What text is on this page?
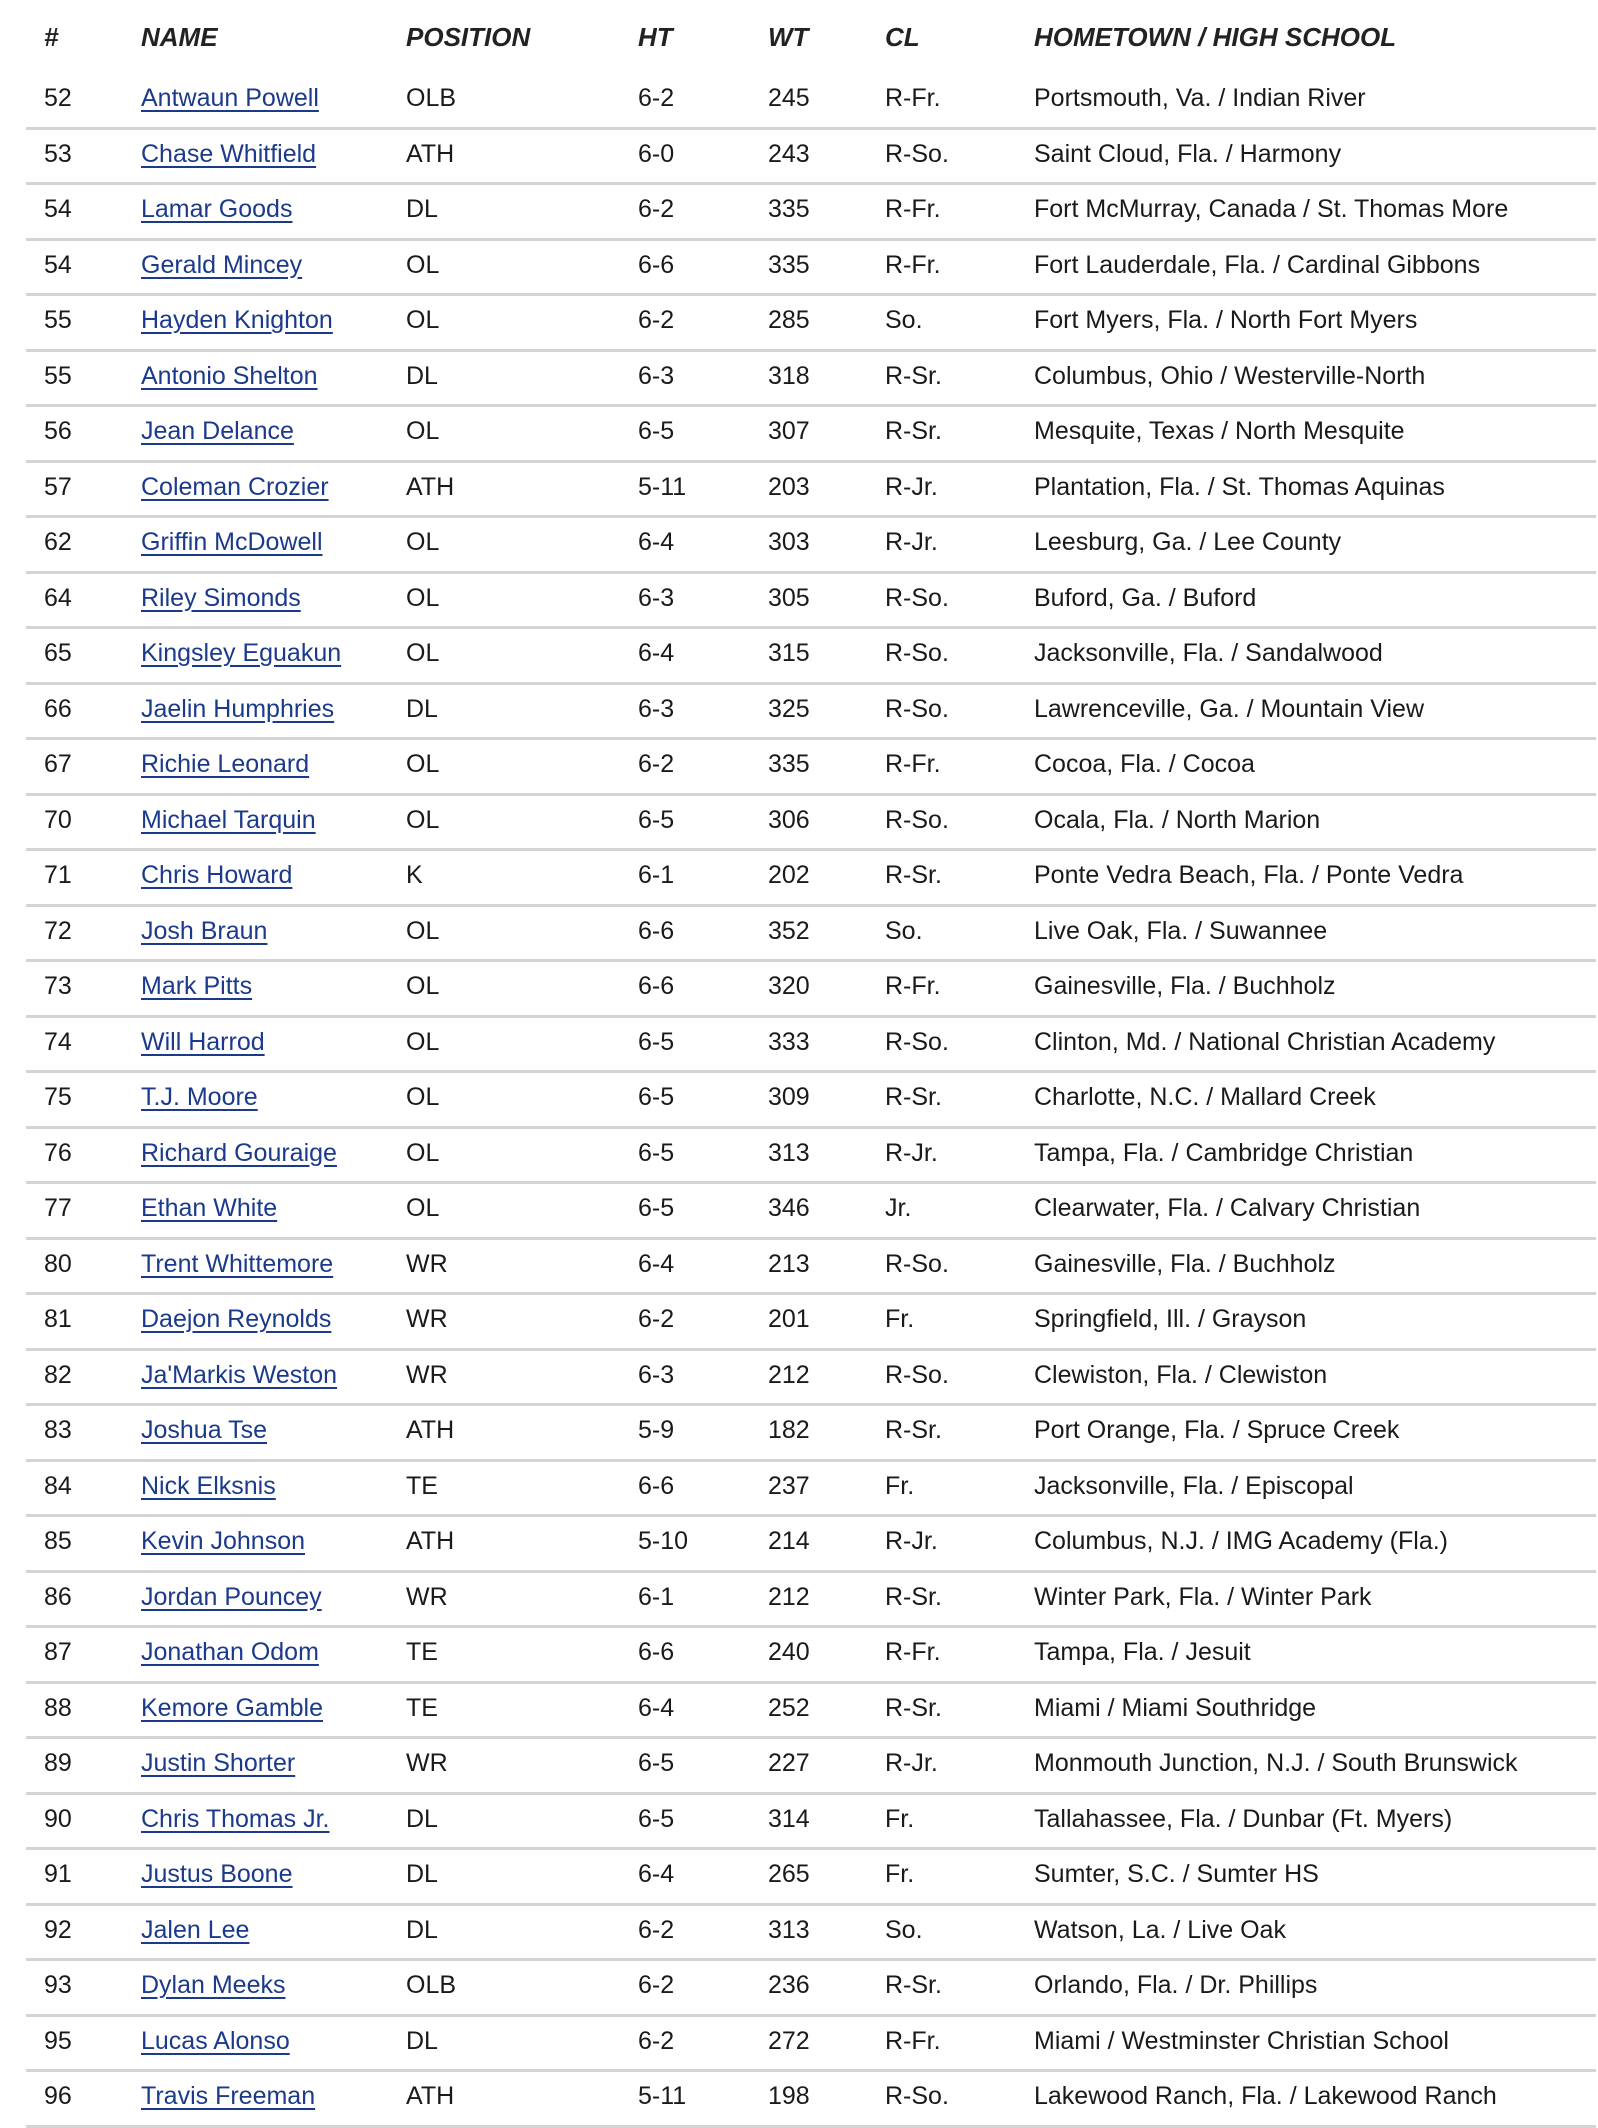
#	NAME	POSITION	HT	WT	CL	HOMETOWN / HIGH SCHOOL
52	Antwaun Powell	OLB	6-2	245	R-Fr.	Portsmouth, Va. / Indian River
53	Chase Whitfield	ATH	6-0	243	R-So.	Saint Cloud, Fla. / Harmony
54	Lamar Goods	DL	6-2	335	R-Fr.	Fort McMurray, Canada / St. Thomas More
54	Gerald Mincey	OL	6-6	335	R-Fr.	Fort Lauderdale, Fla. / Cardinal Gibbons
55	Hayden Knighton	OL	6-2	285	So.	Fort Myers, Fla. / North Fort Myers
55	Antonio Shelton	DL	6-3	318	R-Sr.	Columbus, Ohio / Westerville-North
56	Jean Delance	OL	6-5	307	R-Sr.	Mesquite, Texas / North Mesquite
57	Coleman Crozier	ATH	5-11	203	R-Jr.	Plantation, Fla. / St. Thomas Aquinas
62	Griffin McDowell	OL	6-4	303	R-Jr.	Leesburg, Ga. / Lee County
64	Riley Simonds	OL	6-3	305	R-So.	Buford, Ga. / Buford
65	Kingsley Eguakun	OL	6-4	315	R-So.	Jacksonville, Fla. / Sandalwood
66	Jaelin Humphries	DL	6-3	325	R-So.	Lawrenceville, Ga. / Mountain View
67	Richie Leonard	OL	6-2	335	R-Fr.	Cocoa, Fla. / Cocoa
70	Michael Tarquin	OL	6-5	306	R-So.	Ocala, Fla. / North Marion
71	Chris Howard	K	6-1	202	R-Sr.	Ponte Vedra Beach, Fla. / Ponte Vedra
72	Josh Braun	OL	6-6	352	So.	Live Oak, Fla. / Suwannee
73	Mark Pitts	OL	6-6	320	R-Fr.	Gainesville, Fla. / Buchholz
74	Will Harrod	OL	6-5	333	R-So.	Clinton, Md. / National Christian Academy
75	T.J. Moore	OL	6-5	309	R-Sr.	Charlotte, N.C. / Mallard Creek
76	Richard Gouraige	OL	6-5	313	R-Jr.	Tampa, Fla. / Cambridge Christian
77	Ethan White	OL	6-5	346	Jr.	Clearwater, Fla. / Calvary Christian
80	Trent Whittemore	WR	6-4	213	R-So.	Gainesville, Fla. / Buchholz
81	Daejon Reynolds	WR	6-2	201	Fr.	Springfield, Ill. / Grayson
82	Ja'Markis Weston	WR	6-3	212	R-So.	Clewiston, Fla. / Clewiston
83	Joshua Tse	ATH	5-9	182	R-Sr.	Port Orange, Fla. / Spruce Creek
84	Nick Elksnis	TE	6-6	237	Fr.	Jacksonville, Fla. / Episcopal
85	Kevin Johnson	ATH	5-10	214	R-Jr.	Columbus, N.J. / IMG Academy (Fla.)
86	Jordan Pouncey	WR	6-1	212	R-Sr.	Winter Park, Fla. / Winter Park
87	Jonathan Odom	TE	6-6	240	R-Fr.	Tampa, Fla. / Jesuit
88	Kemore Gamble	TE	6-4	252	R-Sr.	Miami / Miami Southridge
89	Justin Shorter	WR	6-5	227	R-Jr.	Monmouth Junction, N.J. / South Brunswick
90	Chris Thomas Jr.	DL	6-5	314	Fr.	Tallahassee, Fla. / Dunbar (Ft. Myers)
91	Justus Boone	DL	6-4	265	Fr.	Sumter, S.C. / Sumter HS
92	Jalen Lee	DL	6-2	313	So.	Watson, La. / Live Oak
93	Dylan Meeks	OLB	6-2	236	R-Sr.	Orlando, Fla. / Dr. Phillips
95	Lucas Alonso	DL	6-2	272	R-Fr.	Miami / Westminster Christian School
96	Travis Freeman	ATH	5-11	198	R-So.	Lakewood Ranch, Fla. / Lakewood Ranch
